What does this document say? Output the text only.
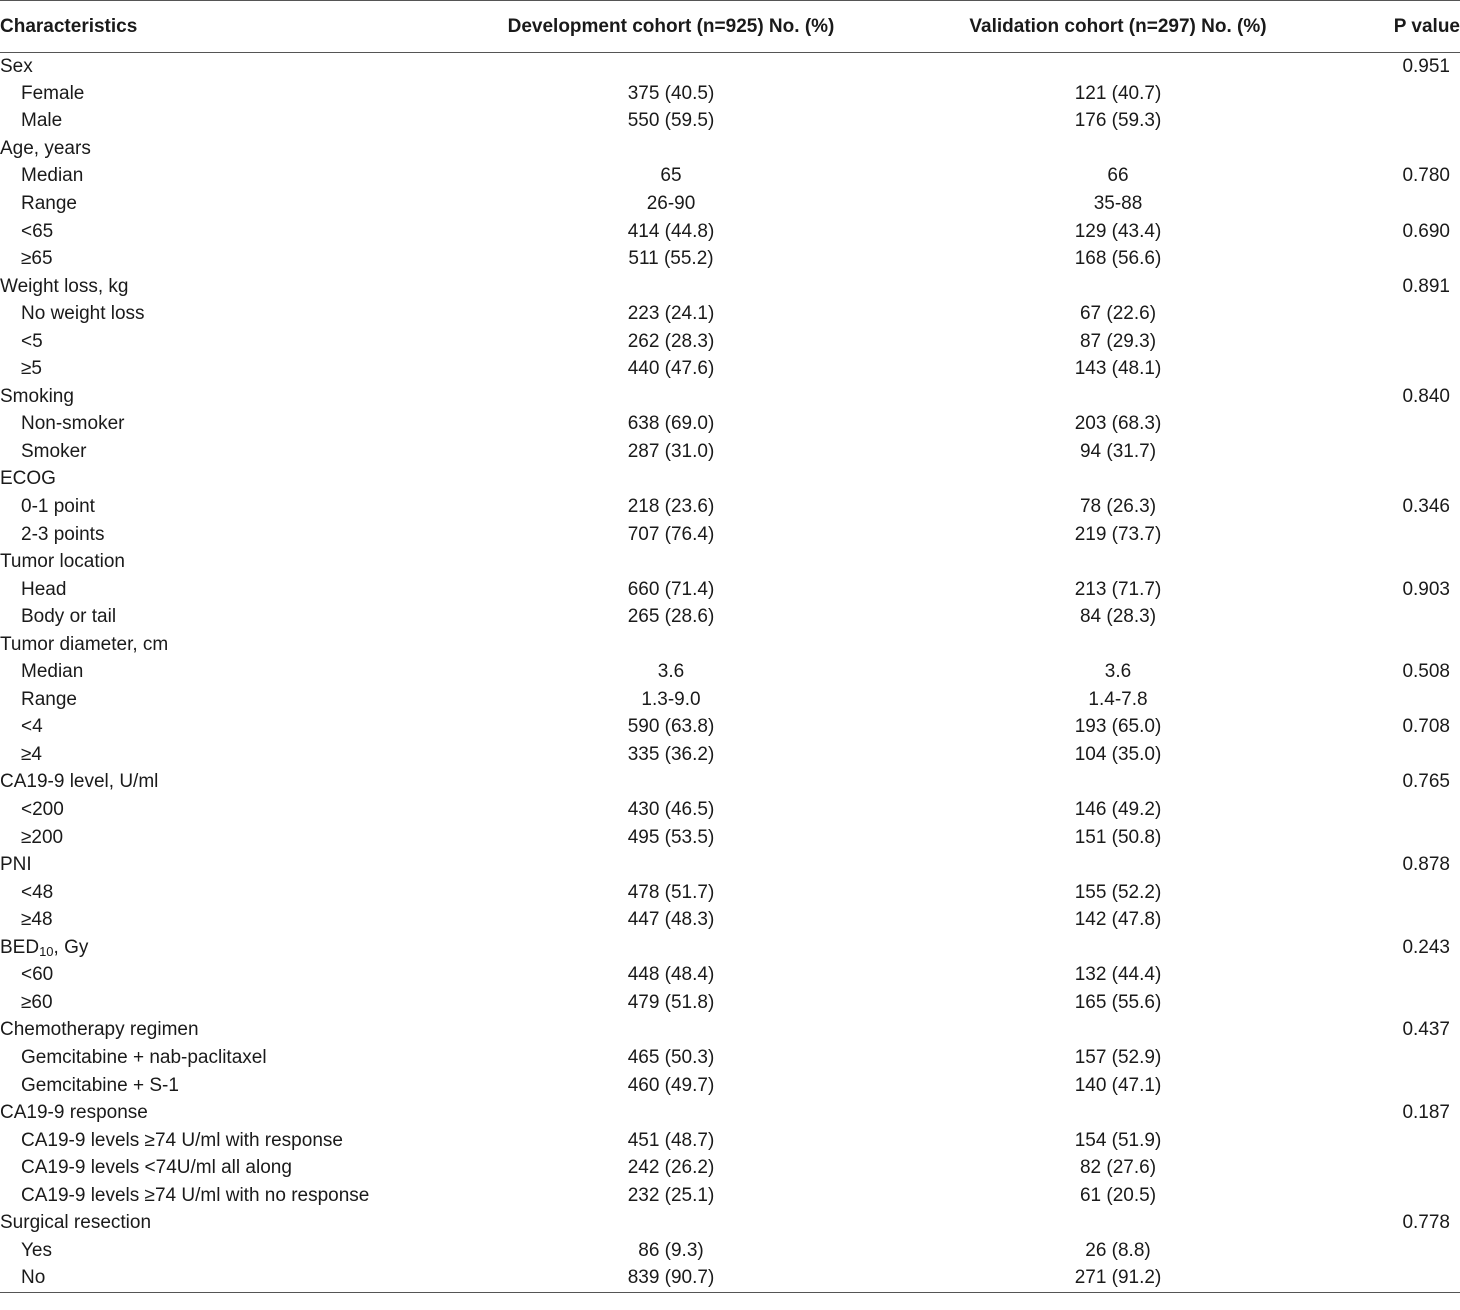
Characteristics	Development cohort (n=925) No. (%)	Validation cohort (n=297) No. (%)	P value
Sex			0.951
Female	375 (40.5)	121 (40.7)	
Male	550 (59.5)	176 (59.3)	
Age, years			
Median	65	66	0.780
Range	26-90	35-88	
<65	414 (44.8)	129 (43.4)	0.690
≥65	511 (55.2)	168 (56.6)	
Weight loss, kg			0.891
No weight loss	223 (24.1)	67 (22.6)	
<5	262 (28.3)	87 (29.3)	
≥5	440 (47.6)	143 (48.1)	
Smoking			0.840
Non-smoker	638 (69.0)	203 (68.3)	
Smoker	287 (31.0)	94 (31.7)	
ECOG			
0-1 point	218 (23.6)	78 (26.3)	0.346
2-3 points	707 (76.4)	219 (73.7)	
Tumor location			
Head	660 (71.4)	213 (71.7)	0.903
Body or tail	265 (28.6)	84 (28.3)	
Tumor diameter, cm			
Median	3.6	3.6	0.508
Range	1.3-9.0	1.4-7.8	
<4	590 (63.8)	193 (65.0)	0.708
≥4	335 (36.2)	104 (35.0)	
CA19-9 level, U/ml			0.765
<200	430 (46.5)	146 (49.2)	
≥200	495 (53.5)	151 (50.8)	
PNI			0.878
<48	478 (51.7)	155 (52.2)	
≥48	447 (48.3)	142 (47.8)	
$BED_{10}$, Gy			0.243
<60	448 (48.4)	132 (44.4)	
≥60	479 (51.8)	165 (55.6)	
Chemotherapy regimen			0.437
Gemcitabine + nab-paclitaxel	465 (50.3)	157 (52.9)	
Gemcitabine + S-1	460 (49.7)	140 (47.1)	
CA19-9 response			0.187
CA19-9 levels ≥74 U/ml with response	451 (48.7)	154 (51.9)	
CA19-9 levels <74U/ml all along	242 (26.2)	82 (27.6)	
CA19-9 levels ≥74 U/ml with no response	232 (25.1)	61 (20.5)	
Surgical resection			0.778
Yes	86 (9.3)	26 (8.8)	
No	839 (90.7)	271 (91.2)	
